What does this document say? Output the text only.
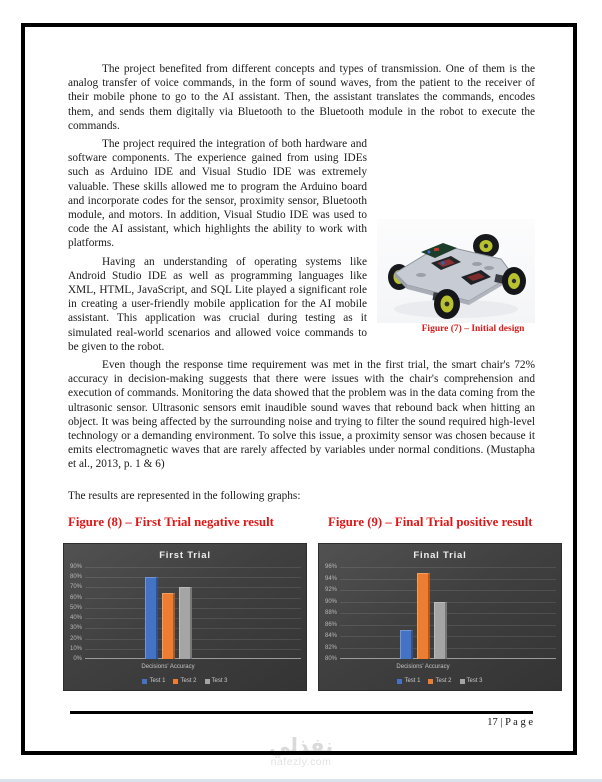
The project benefited from different concepts and types of transmission. One of them is the analog transfer of voice commands, in the form of sound waves, from the patient to the receiver of their mobile phone to go to the AI assistant. Then, the assistant translates the commands, encodes them, and sends them digitally via Bluetooth to the Bluetooth module in the robot to execute the commands.
Figure (7) – Initial design
The project required the integration of both hardware and software components. The experience gained from using IDEs such as Arduino IDE and Visual Studio IDE was extremely valuable. These skills allowed me to program the Arduino board and incorporate codes for the sensor, proximity sensor, Bluetooth module, and motors. In addition, Visual Studio IDE was used to code the AI assistant, which highlights the ability to work with platforms.
Having an understanding of operating systems like Android Studio IDE as well as programming languages like XML, HTML, JavaScript, and SQL Lite played a significant role in creating a user-friendly mobile application for the AI mobile assistant. This application was crucial during testing as it simulated real-world scenarios and allowed voice commands to be given to the robot.
Even though the response time requirement was met in the first trial, the smart chair's 72% accuracy in decision-making suggests that there were issues with the chair's comprehension and execution of commands. Monitoring the data showed that the problem was in the data coming from the ultrasonic sensor. Ultrasonic sensors emit inaudible sound waves that rebound back when hitting an object. It was being affected by the surrounding noise and trying to filter the sound required high-level technology or a demanding environment. To solve this issue, a proximity sensor was chosen because it emits electromagnetic waves that are rarely affected by variables under normal conditions. (Mustapha et al., 2013, p. 1 & 6)
The results are represented in the following graphs:
Figure (8) – First Trial negative result	Figure (9) – Final Trial positive result
First Trial
Decisions' Accuracy
Test 1	Test 2	Test 3
90%
80%
70%
60%
50%
40%
30%
20%
10%
0%
Final Trial
Decisions' Accuracy
Test 1	Test 2	Test 3
96%
94%
92%
90%
88%
86%
84%
82%
80%
17 | P a g e
نفذلي
nafezly.com
